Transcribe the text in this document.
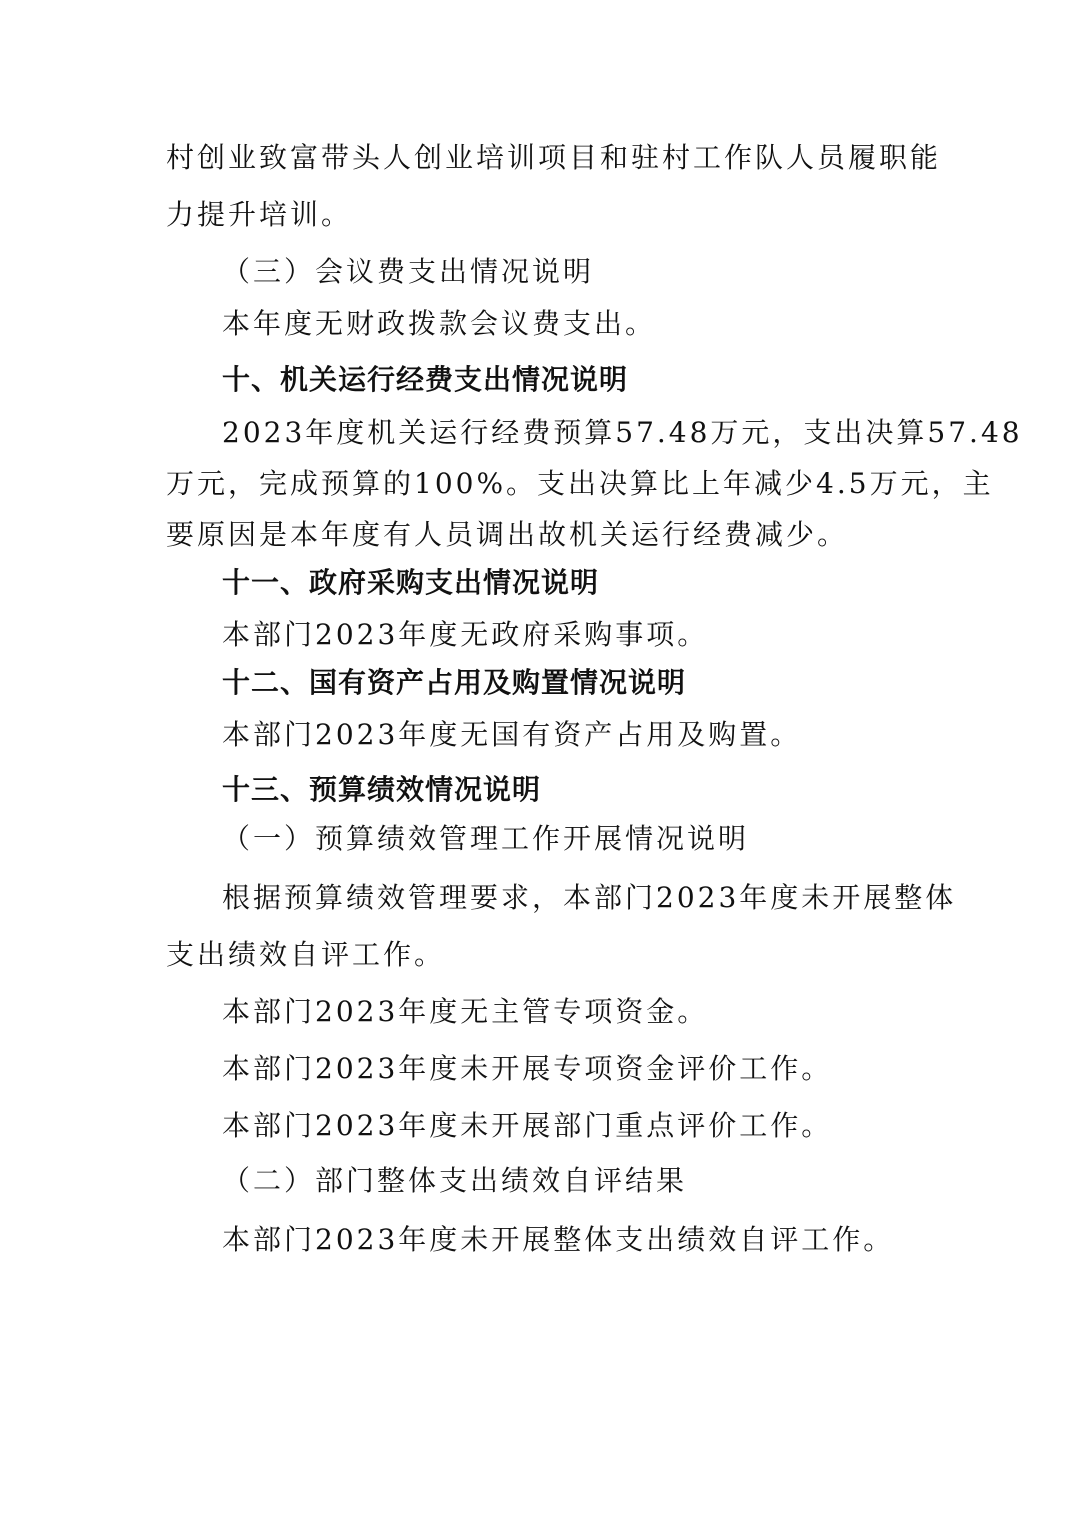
村创业致富带头人创业培训项目和驻村工作队人员履职能

力提升培训。

（三）会议费支出情况说明

本年度无财政拨款会议费支出。

十、机关运行经费支出情况说明

2023年度机关运行经费预算57.48万元，支出决算57.48

万元，完成预算的100%。支出决算比上年减少4.5万元，主

要原因是本年度有人员调出故机关运行经费减少。

十一、政府采购支出情况说明

本部门2023年度无政府采购事项。

十二、国有资产占用及购置情况说明

本部门2023年度无国有资产占用及购置。

十三、预算绩效情况说明

（一）预算绩效管理工作开展情况说明

根据预算绩效管理要求，本部门2023年度未开展整体

支出绩效自评工作。

本部门2023年度无主管专项资金。

本部门2023年度未开展专项资金评价工作。

本部门2023年度未开展部门重点评价工作。

（二）部门整体支出绩效自评结果

本部门2023年度未开展整体支出绩效自评工作。
